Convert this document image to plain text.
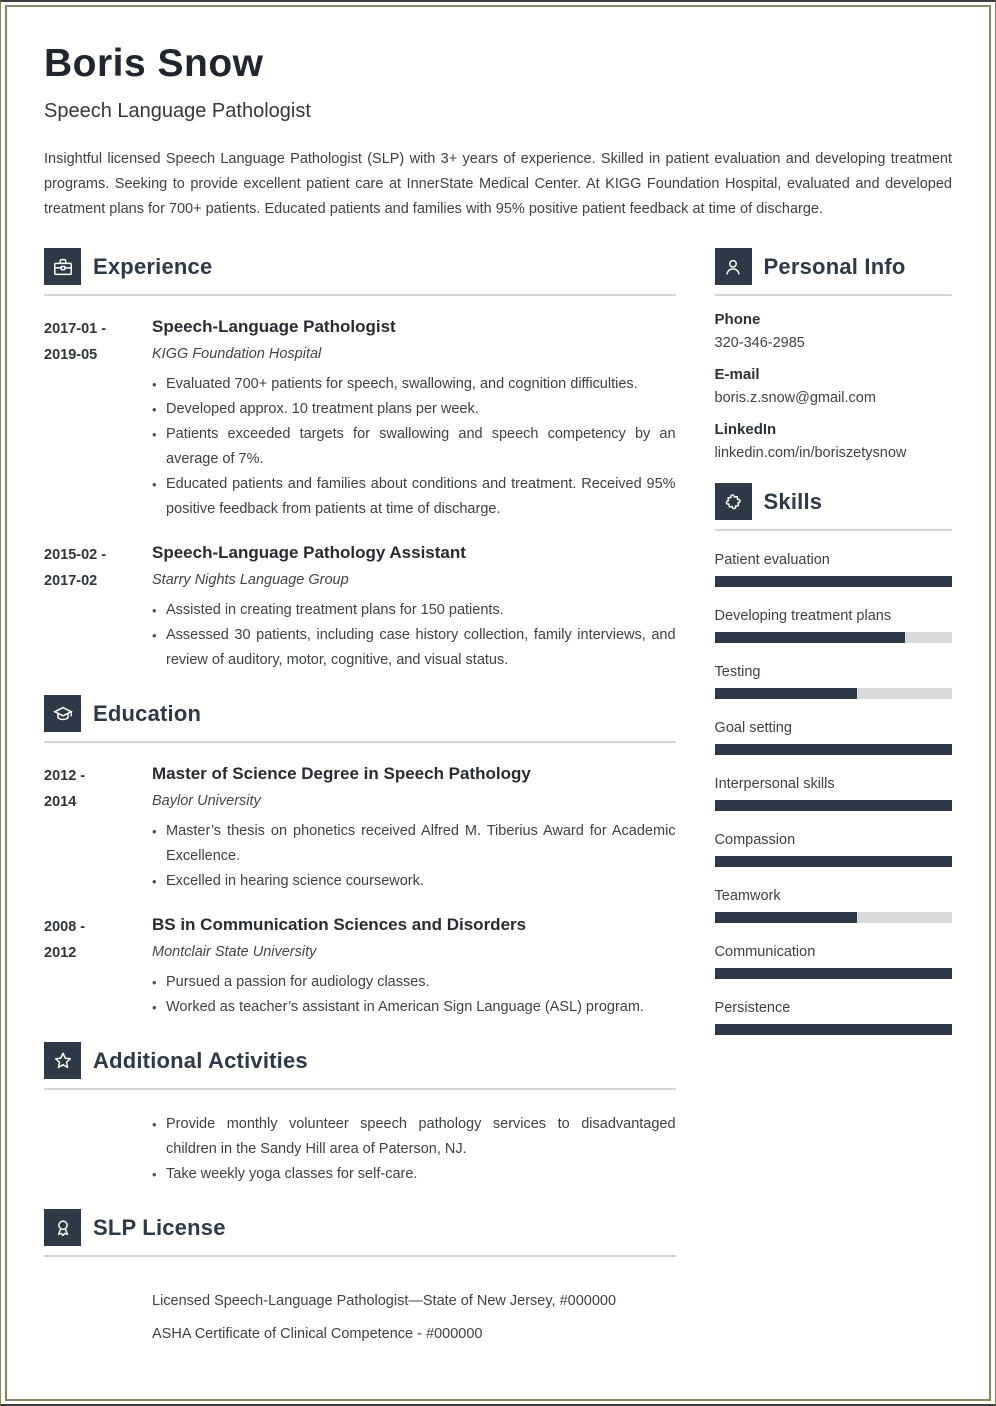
Boris Snow
Speech Language Pathologist
Insightful licensed Speech Language Pathologist (SLP) with 3+ years of experience. Skilled in patient evaluation and developing treatment programs. Seeking to provide excellent patient care at InnerState Medical Center. At KIGG Foundation Hospital, evaluated and developed treatment plans for 700+ patients. Educated patients and families with 95% positive patient feedback at time of discharge.
Experience
2017-01 -
2019-05
Speech-Language Pathologist
KIGG Foundation Hospital
• Evaluated 700+ patients for speech, swallowing, and cognition difficulties.
• Developed approx. 10 treatment plans per week.
• Patients exceeded targets for swallowing and speech competency by an average of 7%.
• Educated patients and families about conditions and treatment. Received 95% positive feedback from patients at time of discharge.
2015-02 -
2017-02
Speech-Language Pathology Assistant
Starry Nights Language Group
• Assisted in creating treatment plans for 150 patients.
• Assessed 30 patients, including case history collection, family interviews, and review of auditory, motor, cognitive, and visual status.
Education
2012 -
2014
Master of Science Degree in Speech Pathology
Baylor University
• Master’s thesis on phonetics received Alfred M. Tiberius Award for Academic Excellence.
• Excelled in hearing science coursework.
2008 -
2012
BS in Communication Sciences and Disorders
Montclair State University
• Pursued a passion for audiology classes.
• Worked as teacher’s assistant in American Sign Language (ASL) program.
Additional Activities
• Provide monthly volunteer speech pathology services to disadvantaged children in the Sandy Hill area of Paterson, NJ.
• Take weekly yoga classes for self-care.
SLP License
Licensed Speech-Language Pathologist—State of New Jersey, #000000
ASHA Certificate of Clinical Competence - #000000
Personal Info
Phone
320-346-2985
E-mail
boris.z.snow@gmail.com
LinkedIn
linkedin.com/in/boriszetysnow
Skills
Patient evaluation
Developing treatment plans
Testing
Goal setting
Interpersonal skills
Compassion
Teamwork
Communication
Persistence
